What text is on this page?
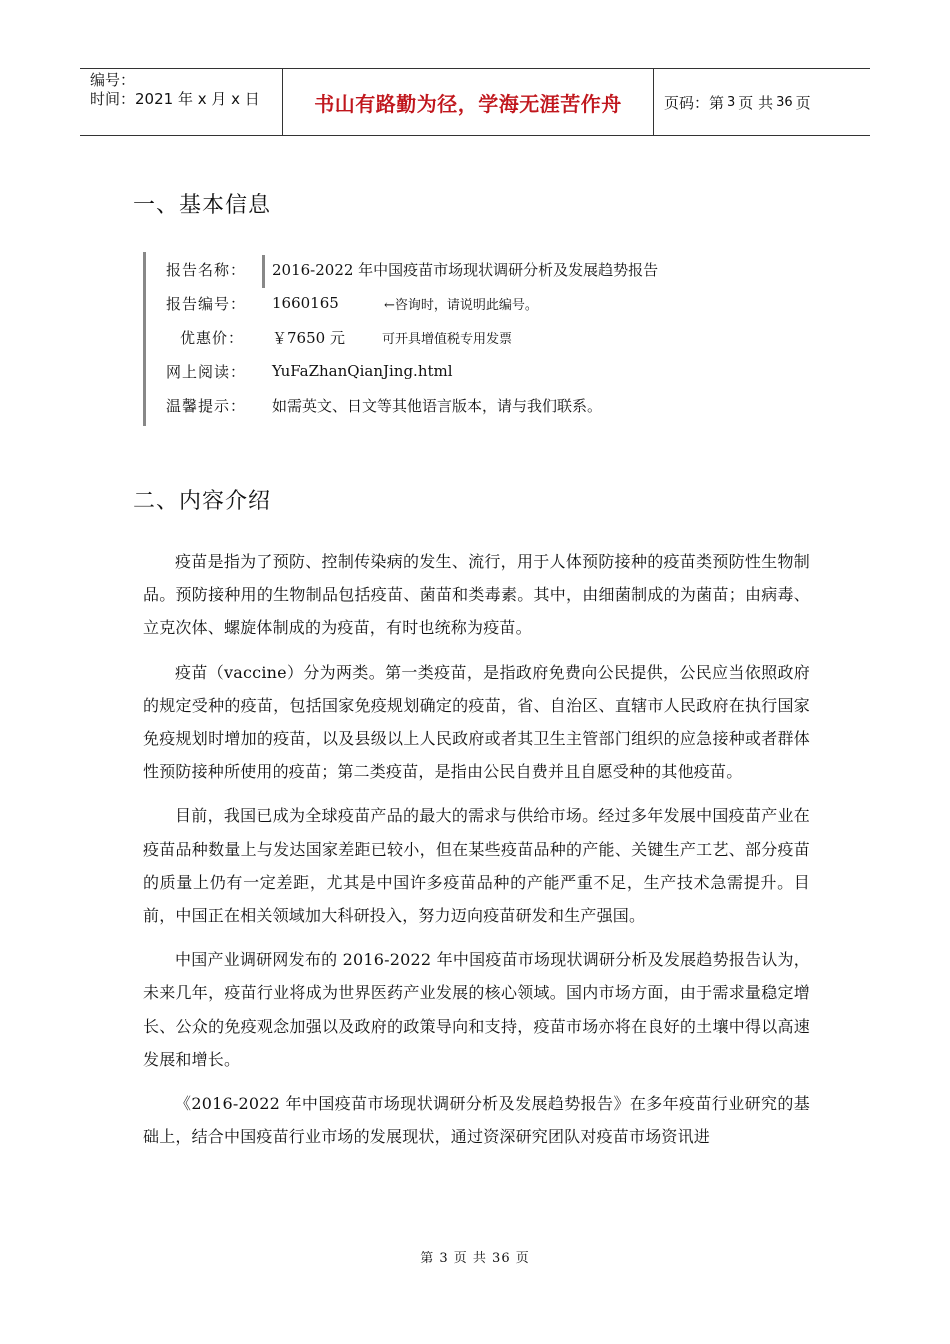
编号：
时间：2021 年 x 月 x 日	书山有路勤为径，学海无涯苦作舟	页码：第 3 页 共 36 页
一、基本信息
报告名称：	2016-2022 年中国疫苗市场现状调研分析及发展趋势报告
报告编号：	1660165	←咨询时，请说明此编号。
优惠价： ￥7650 元	可开具增值税专用发票
网上阅读：	YuFaZhanQianJing.html
温馨提示：	如需英文、日文等其他语言版本，请与我们联系。
二、内容介绍

疫苗是指为了预防、控制传染病的发生、流行，用于人体预防接种的疫苗类预防性生物制品。预防接种用的生物制品包括疫苗、菌苗和类毒素。其中，由细菌制成的为菌苗；由病毒、立克次体、螺旋体制成的为疫苗，有时也统称为疫苗。

疫苗（vaccine）分为两类。第一类疫苗，是指政府免费向公民提供，公民应当依照政府的规定受种的疫苗，包括国家免疫规划确定的疫苗，省、自治区、直辖市人民政府在执行国家免疫规划时增加的疫苗，以及县级以上人民政府或者其卫生主管部门组织的应急接种或者群体性预防接种所使用的疫苗；第二类疫苗，是指由公民自费并且自愿受种的其他疫苗。

目前，我国已成为全球疫苗产品的最大的需求与供给市场。经过多年发展中国疫苗产业在疫苗品种数量上与发达国家差距已较小，但在某些疫苗品种的产能、关键生产工艺、部分疫苗的质量上仍有一定差距，尤其是中国许多疫苗品种的产能严重不足，生产技术急需提升。目前，中国正在相关领域加大科研投入，努力迈向疫苗研发和生产强国。

中国产业调研网发布的 2016-2022 年中国疫苗市场现状调研分析及发展趋势报告认为，未来几年，疫苗行业将成为世界医药产业发展的核心领域。国内市场方面，由于需求量稳定增长、公众的免疫观念加强以及政府的政策导向和支持，疫苗市场亦将在良好的土壤中得以高速发展和增长。

《2016-2022 年中国疫苗市场现状调研分析及发展趋势报告》在多年疫苗行业研究的基础上，结合中国疫苗行业市场的发展现状，通过资深研究团队对疫苗市场资讯进

第 3 页 共 36 页
